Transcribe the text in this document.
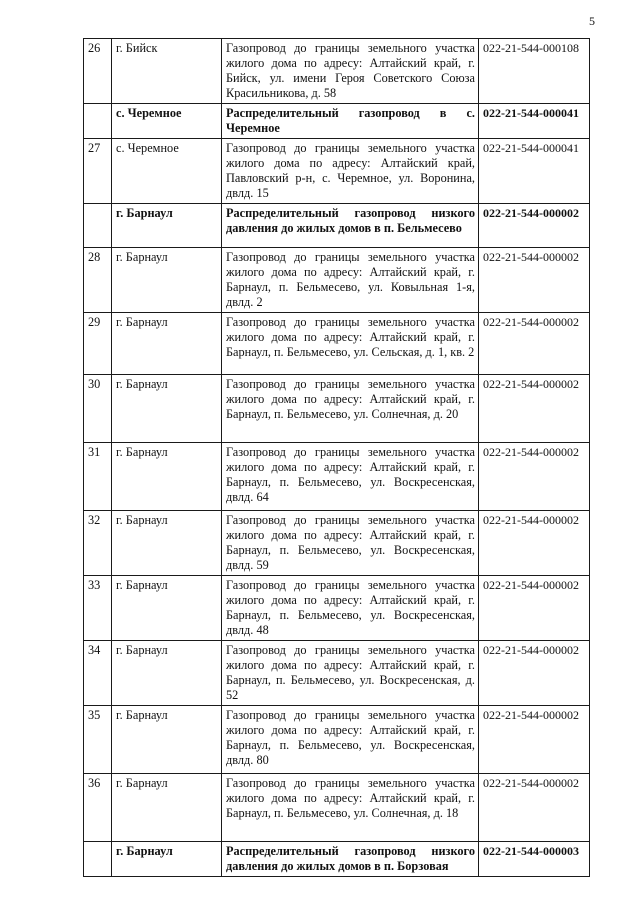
5
26	г. Бийск	Газопровод до границы земельного участка жилого дома по адресу: Алтайский край, г. Бийск, ул. имени Героя Советского Союза Красильникова, д. 58	022-21-544-000108
	с. Черемное	Распределительный газопровод в с. Черемное	022-21-544-000041
27	с. Черемное	Газопровод до границы земельного участка жилого дома по адресу: Алтайский край, Павловский р-н, с. Черемное, ул. Воронина, двлд. 15	022-21-544-000041
	г. Барнаул	Распределительный газопровод низкого давления до жилых домов в п. Бельмесево	022-21-544-000002
28	г. Барнаул	Газопровод до границы земельного участка жилого дома по адресу: Алтайский край, г. Барнаул, п. Бельмесево, ул. Ковыльная 1-я, двлд. 2	022-21-544-000002
29	г. Барнаул	Газопровод до границы земельного участка жилого дома по адресу: Алтайский край, г. Барнаул, п. Бельмесево, ул. Сельская, д. 1, кв. 2	022-21-544-000002
30	г. Барнаул	Газопровод до границы земельного участка жилого дома по адресу: Алтайский край, г. Барнаул, п. Бельмесево, ул. Солнечная, д. 20	022-21-544-000002
31	г. Барнаул	Газопровод до границы земельного участка жилого дома по адресу: Алтайский край, г. Барнаул, п. Бельмесево, ул. Воскресенская, двлд. 64	022-21-544-000002
32	г. Барнаул	Газопровод до границы земельного участка жилого дома по адресу: Алтайский край, г. Барнаул, п. Бельмесево, ул. Воскресенская, двлд. 59	022-21-544-000002
33	г. Барнаул	Газопровод до границы земельного участка жилого дома по адресу: Алтайский край, г. Барнаул, п. Бельмесево, ул. Воскресенская, двлд. 48	022-21-544-000002
34	г. Барнаул	Газопровод до границы земельного участка жилого дома по адресу: Алтайский край, г. Барнаул, п. Бельмесево, ул. Воскресенская, д. 52	022-21-544-000002
35	г. Барнаул	Газопровод до границы земельного участка жилого дома по адресу: Алтайский край, г. Барнаул, п. Бельмесево, ул. Воскресенская, двлд. 80	022-21-544-000002
36	г. Барнаул	Газопровод до границы земельного участка жилого дома по адресу: Алтайский край, г. Барнаул, п. Бельмесево, ул. Солнечная, д. 18	022-21-544-000002
	г. Барнаул	Распределительный газопровод низкого давления до жилых домов в п. Борзовая	022-21-544-000003
